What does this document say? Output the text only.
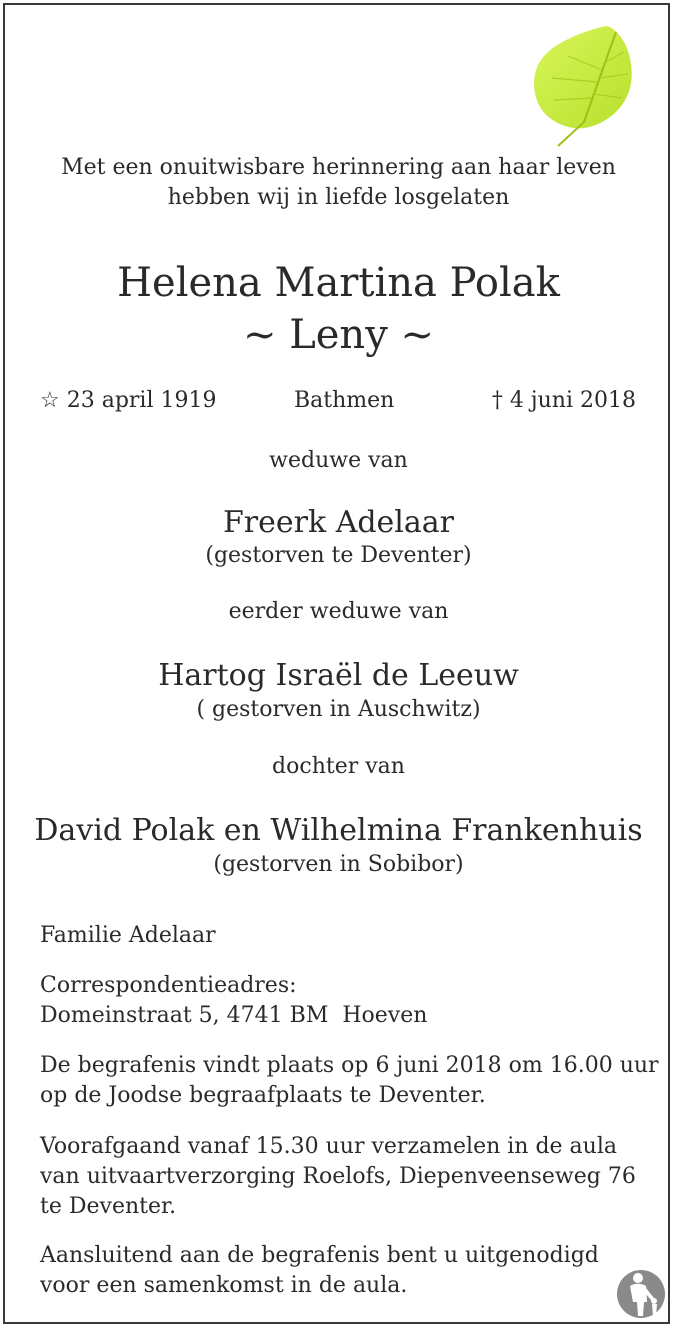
Met een onuitwisbare herinnering aan haar leven
hebben wij in liefde losgelaten
Helena Martina Polak
~ Leny ~
☆ 23 april 1919	Bathmen	† 4 juni 2018
weduwe van
Freerk Adelaar
(gestorven te Deventer)
eerder weduwe van
Hartog Israël de Leeuw
( gestorven in Auschwitz)
dochter van
David Polak en Wilhelmina Frankenhuis
(gestorven in Sobibor)
Familie Adelaar
Correspondentieadres:
Domeinstraat 5, 4741 BM  Hoeven
De begrafenis vindt plaats op 6 juni 2018 om 16.00 uur
op de Joodse begraafplaats te Deventer.
Voorafgaand vanaf 15.30 uur verzamelen in de aula
van uitvaartverzorging Roelofs, Diepenveenseweg 76
te Deventer.
Aansluitend aan de begrafenis bent u uitgenodigd
voor een samenkomst in de aula.
